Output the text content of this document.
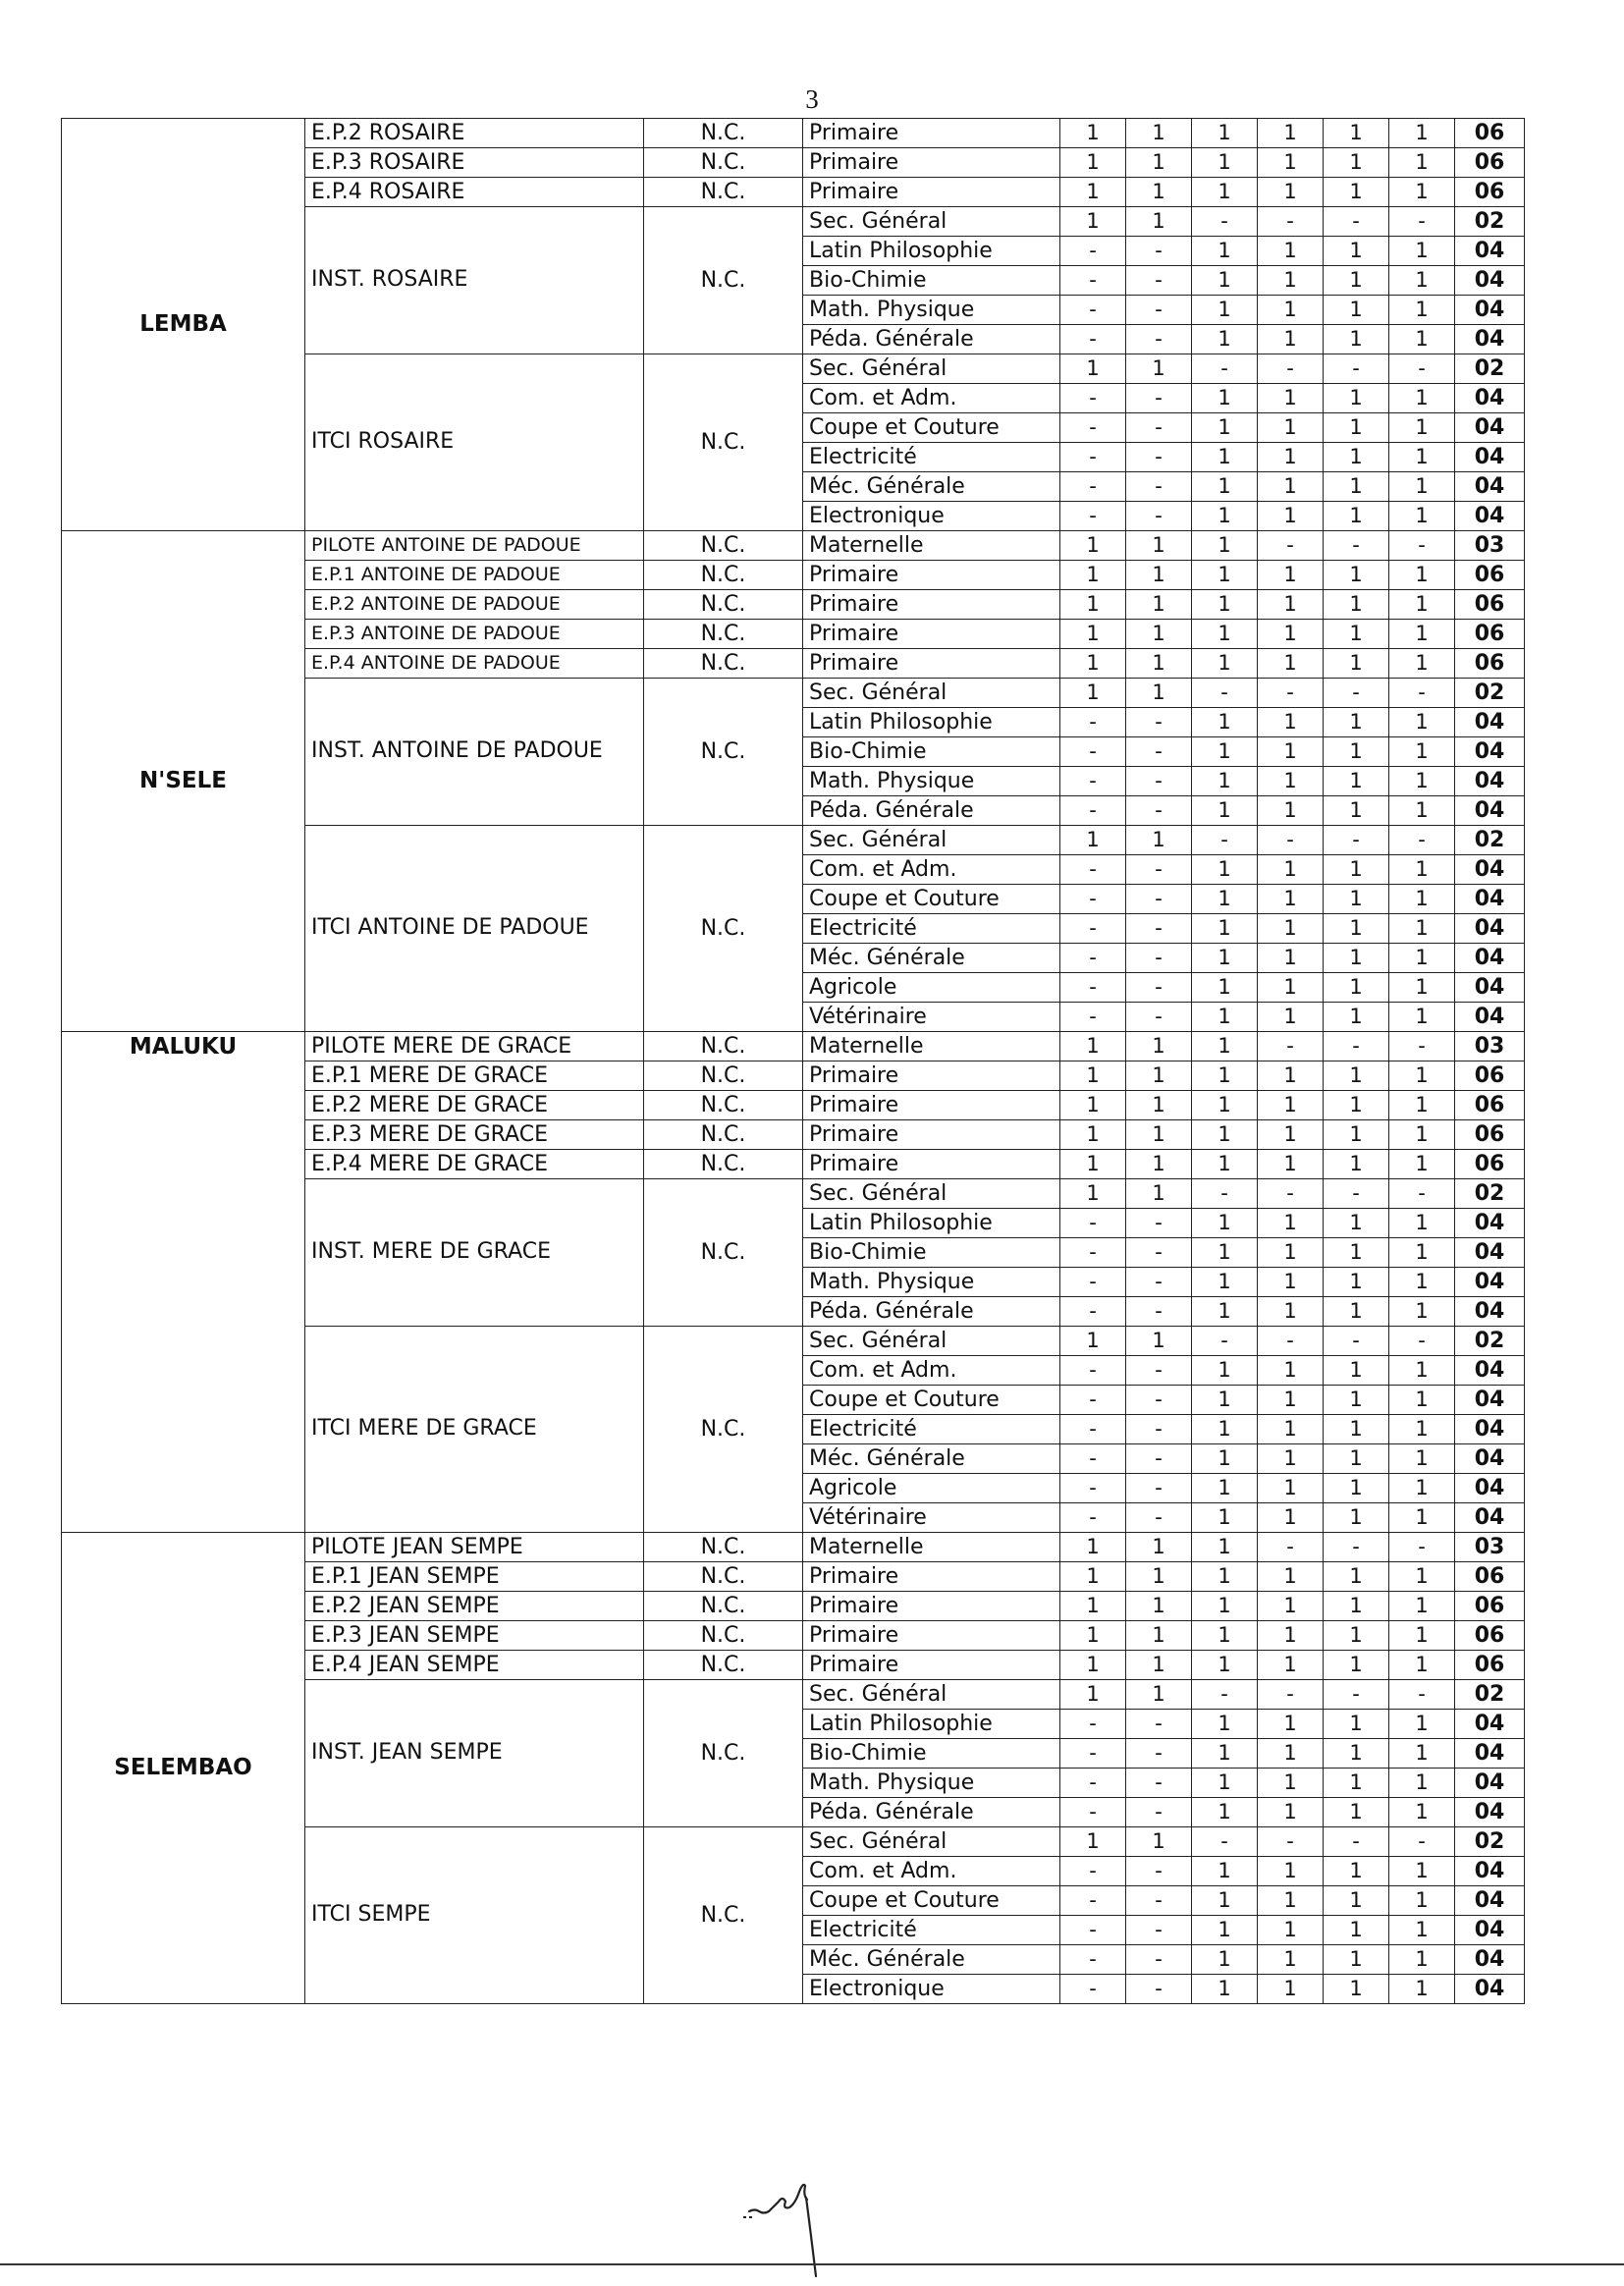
3
LEMBA	E.P.2 ROSAIRE	N.C.	Primaire	1	1	1	1	1	1	06
	E.P.3 ROSAIRE	N.C.	Primaire	1	1	1	1	1	1	06
	E.P.4 ROSAIRE	N.C.	Primaire	1	1	1	1	1	1	06
	INST. ROSAIRE	N.C.	Sec. Général	1	1	-	-	-	-	02
			Latin Philosophie	-	-	1	1	1	1	04
			Bio-Chimie	-	-	1	1	1	1	04
			Math. Physique	-	-	1	1	1	1	04
			Péda. Générale	-	-	1	1	1	1	04
	ITCI ROSAIRE	N.C.	Sec. Général	1	1	-	-	-	-	02
			Com. et Adm.	-	-	1	1	1	1	04
			Coupe et Couture	-	-	1	1	1	1	04
			Electricité	-	-	1	1	1	1	04
			Méc. Générale	-	-	1	1	1	1	04
			Electronique	-	-	1	1	1	1	04
N'SELE	PILOTE ANTOINE DE PADOUE	N.C.	Maternelle	1	1	1	-	-	-	03
	E.P.1 ANTOINE DE PADOUE	N.C.	Primaire	1	1	1	1	1	1	06
	E.P.2 ANTOINE DE PADOUE	N.C.	Primaire	1	1	1	1	1	1	06
	E.P.3 ANTOINE DE PADOUE	N.C.	Primaire	1	1	1	1	1	1	06
	E.P.4 ANTOINE DE PADOUE	N.C.	Primaire	1	1	1	1	1	1	06
	INST. ANTOINE DE PADOUE	N.C.	Sec. Général	1	1	-	-	-	-	02
			Latin Philosophie	-	-	1	1	1	1	04
			Bio-Chimie	-	-	1	1	1	1	04
			Math. Physique	-	-	1	1	1	1	04
			Péda. Générale	-	-	1	1	1	1	04
	ITCI ANTOINE DE PADOUE	N.C.	Sec. Général	1	1	-	-	-	-	02
			Com. et Adm.	-	-	1	1	1	1	04
			Coupe et Couture	-	-	1	1	1	1	04
			Electricité	-	-	1	1	1	1	04
			Méc. Générale	-	-	1	1	1	1	04
			Agricole	-	-	1	1	1	1	04
			Vétérinaire	-	-	1	1	1	1	04
MALUKU	PILOTE MERE DE GRACE	N.C.	Maternelle	1	1	1	-	-	-	03
	E.P.1 MERE DE GRACE	N.C.	Primaire	1	1	1	1	1	1	06
	E.P.2 MERE DE GRACE	N.C.	Primaire	1	1	1	1	1	1	06
	E.P.3 MERE DE GRACE	N.C.	Primaire	1	1	1	1	1	1	06
	E.P.4 MERE DE GRACE	N.C.	Primaire	1	1	1	1	1	1	06
	INST. MERE DE GRACE	N.C.	Sec. Général	1	1	-	-	-	-	02
			Latin Philosophie	-	-	1	1	1	1	04
			Bio-Chimie	-	-	1	1	1	1	04
			Math. Physique	-	-	1	1	1	1	04
			Péda. Générale	-	-	1	1	1	1	04
	ITCI MERE DE GRACE	N.C.	Sec. Général	1	1	-	-	-	-	02
			Com. et Adm.	-	-	1	1	1	1	04
			Coupe et Couture	-	-	1	1	1	1	04
			Electricité	-	-	1	1	1	1	04
			Méc. Générale	-	-	1	1	1	1	04
			Agricole	-	-	1	1	1	1	04
			Vétérinaire	-	-	1	1	1	1	04
SELEMBAO	PILOTE JEAN SEMPE	N.C.	Maternelle	1	1	1	-	-	-	03
	E.P.1 JEAN SEMPE	N.C.	Primaire	1	1	1	1	1	1	06
	E.P.2 JEAN SEMPE	N.C.	Primaire	1	1	1	1	1	1	06
	E.P.3 JEAN SEMPE	N.C.	Primaire	1	1	1	1	1	1	06
	E.P.4 JEAN SEMPE	N.C.	Primaire	1	1	1	1	1	1	06
	INST. JEAN SEMPE	N.C.	Sec. Général	1	1	-	-	-	-	02
			Latin Philosophie	-	-	1	1	1	1	04
			Bio-Chimie	-	-	1	1	1	1	04
			Math. Physique	-	-	1	1	1	1	04
			Péda. Générale	-	-	1	1	1	1	04
	ITCI SEMPE	N.C.	Sec. Général	1	1	-	-	-	-	02
			Com. et Adm.	-	-	1	1	1	1	04
			Coupe et Couture	-	-	1	1	1	1	04
			Electricité	-	-	1	1	1	1	04
			Méc. Générale	-	-	1	1	1	1	04
			Electronique	-	-	1	1	1	1	04
